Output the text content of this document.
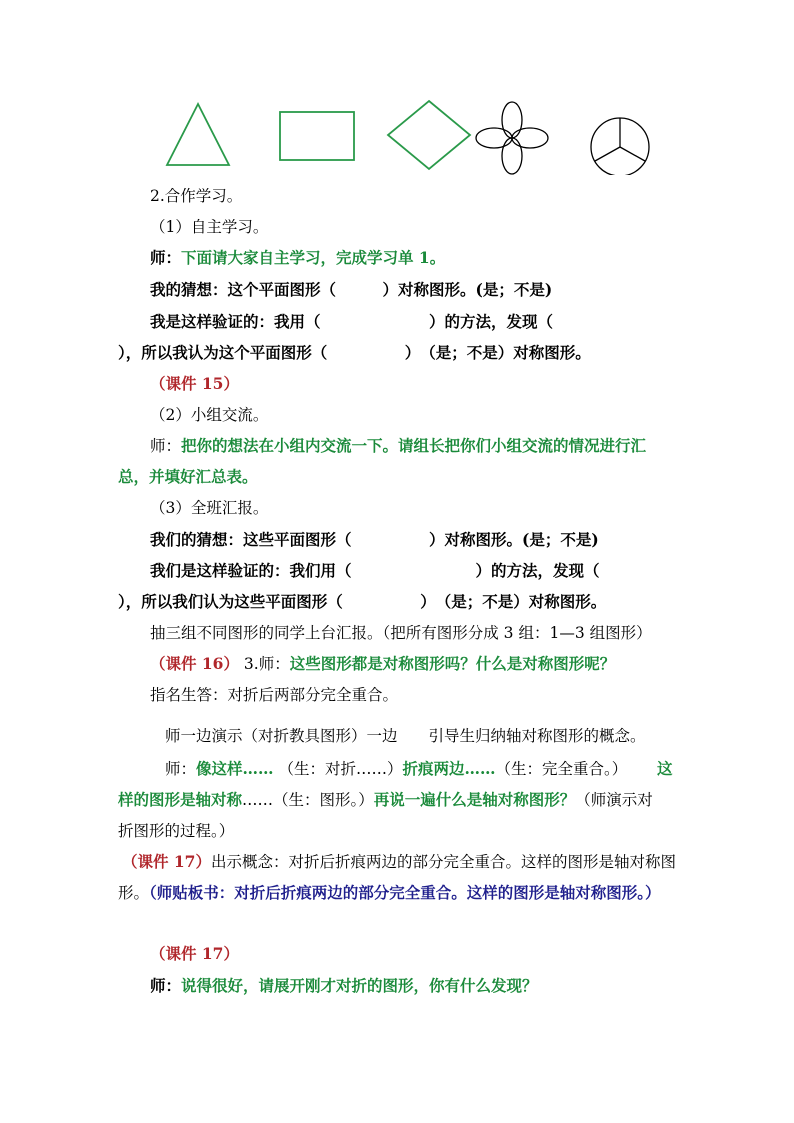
2.合作学习。
（1）自主学习。
师：下面请大家自主学习，完成学习单 1。
我的猜想：这个平面图形（　　　）对称图形。(是；不是)
我是这样验证的：我用（　　　　　　　）的方法，发现（
），所以我认为这个平面图形（　　　　　）　（是；不是）对称图形。
（课件 15）
（2）小组交流。
师：把你的想法在小组内交流一下。请组长把你们小组交流的情况进行汇
总，并填好汇总表。
（3）全班汇报。
我们的猜想：这些平面图形（　　　　　）对称图形。(是；不是)
我们是这样验证的：我们用（　　　　　　　　）的方法，发现（
），所以我们认为这些平面图形（　　　　　）　（是；不是）对称图形。
抽三组不同图形的同学上台汇报。（把所有图形分成 3 组：1—3 组图形）
（课件 16） 3.师：这些图形都是对称图形吗？什么是对称图形呢？
指名生答：对折后两部分完全重合。
师一边演示（对折教具图形）一边　　引导生归纳轴对称图形的概念。
师：像这样…… （生：对折……）折痕两边……（生：完全重合。） 这
样的图形是轴对称……（生：图形。）再说一遍什么是轴对称图形？（师演示对
折图形的过程。）
（课件 17）出示概念：对折后折痕两边的部分完全重合。这样的图形是轴对称图
形。（师贴板书：对折后折痕两边的部分完全重合。这样的图形是轴对称图形。）
（课件 17）
师：说得很好，请展开刚才对折的图形，你有什么发现？
